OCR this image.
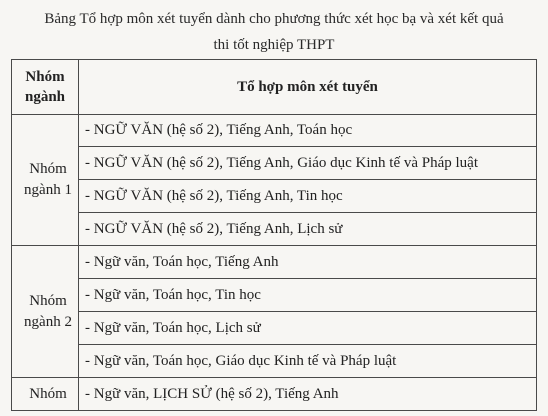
Bảng Tổ hợp môn xét tuyển dành cho phương thức xét học bạ và xét kết quả
thi tốt nghiệp THPT
Nhóm
ngành	Tổ hợp môn xét tuyển

Nhóm
ngành 1	- NGỮ VĂN (hệ số 2), Tiếng Anh, Toán học
	- NGỮ VĂN (hệ số 2), Tiếng Anh, Giáo dục Kinh tế và Pháp luật
	- NGỮ VĂN (hệ số 2), Tiếng Anh, Tin học
	- NGỮ VĂN (hệ số 2), Tiếng Anh, Lịch sử

Nhóm
ngành 2	- Ngữ văn, Toán học, Tiếng Anh
	- Ngữ văn, Toán học, Tin học
	- Ngữ văn, Toán học, Lịch sử
	- Ngữ văn, Toán học, Giáo dục Kinh tế và Pháp luật

Nhóm	- Ngữ văn, LỊCH SỬ (hệ số 2), Tiếng Anh
